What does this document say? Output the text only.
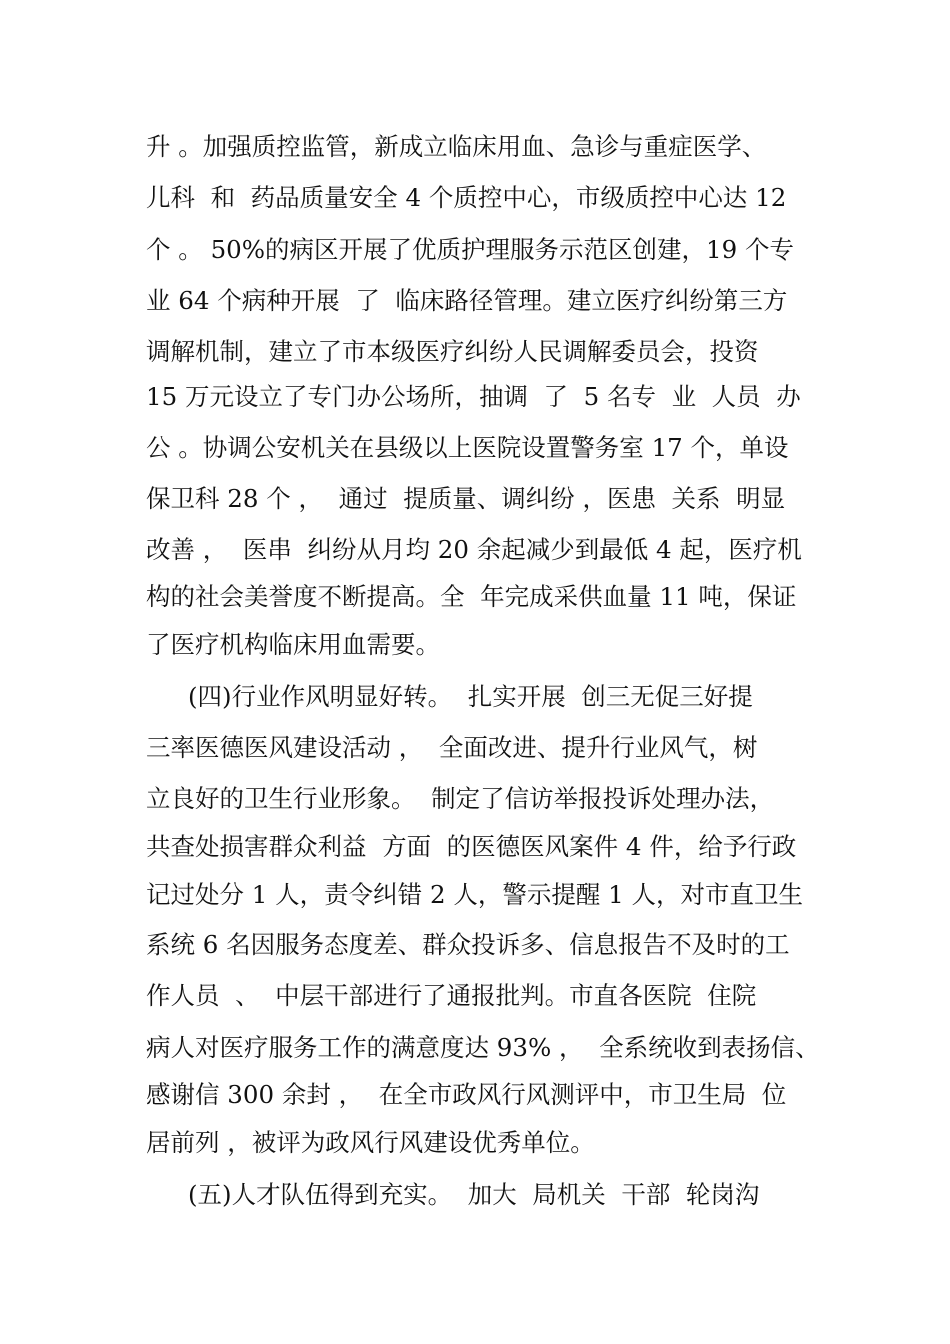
升 。加强质控监管，新成立临床用血、急诊与重症医学、
儿科  和  药品质量安全 4 个质控中心，市级质控中心达 12
个 。 50%的病区开展了优质护理服务示范区创建，19 个专
业 64 个病种开展  了  临床路径管理。建立医疗纠纷第三方
调解机制，建立了市本级医疗纠纷人民调解委员会，投资
15 万元设立了专门办公场所，抽调  了  5 名专  业  人员  办
公 。协调公安机关在县级以上医院设置警务室 17 个，单设
保卫科 28 个 ，  通过  提质量、调纠纷 ，医患  关系  明显
改善 ，  医串  纠纷从月均 20 余起减少到最低 4 起，医疗机
构的社会美誉度不断提高。全  年完成采供血量 11 吨，保证
了医疗机构临床用血需要。
(四)行业作风明显好转。  扎实开展  创三无促三好提
三率医德医风建设活动 ，  全面改进、提升行业风气，树
立良好的卫生行业形象。  制定了信访举报投诉处理办法，
共查处损害群众利益  方面  的医德医风案件 4 件，给予行政
记过处分 1 人，责令纠错 2 人，警示提醒 1 人，对市直卫生
系统 6 名因服务态度差、群众投诉多、信息报告不及时的工
作人员  、  中层干部进行了通报批判。市直各医院  住院
病人对医疗服务工作的满意度达 93% ，  全系统收到表扬信、
感谢信 300 余封 ，  在全市政风行风测评中，市卫生局  位
居前列 ，被评为政风行风建设优秀单位。
(五)人才队伍得到充实。  加大  局机关  干部  轮岗沟
